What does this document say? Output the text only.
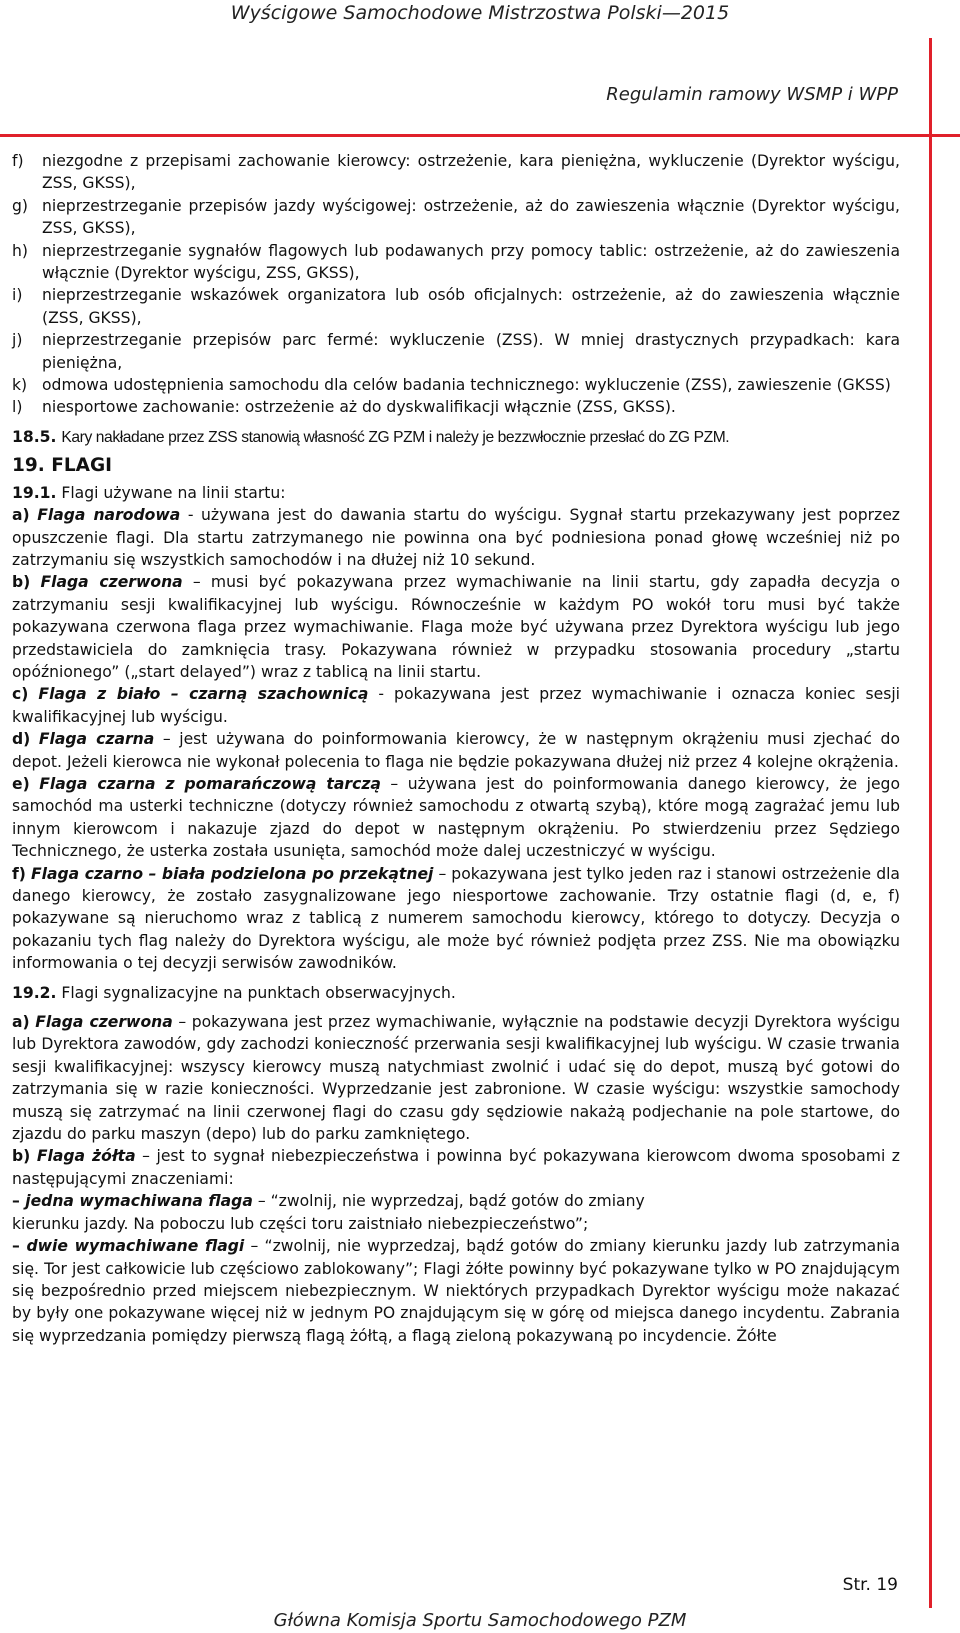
Wyścigowe Samochodowe Mistrzostwa Polski—2015
Regulamin ramowy WSMP i WPP
f)	niezgodne z przepisami zachowanie kierowcy: ostrzeżenie, kara pieniężna, wykluczenie (Dyrektor wyścigu, ZSS, GKSS),
g) nieprzestrzeganie przepisów jazdy wyścigowej: ostrzeżenie, aż do zawieszenia włącznie (Dyrektor wyścigu, ZSS, GKSS),
h) nieprzestrzeganie sygnałów flagowych lub podawanych przy pomocy tablic: ostrzeżenie, aż do zawieszenia włącznie (Dyrektor wyścigu, ZSS, GKSS),
i)	nieprzestrzeganie wskazówek organizatora lub osób oficjalnych: ostrzeżenie, aż do zawieszenia włącznie (ZSS, GKSS),
j)	nieprzestrzeganie przepisów parc fermé: wykluczenie (ZSS). W mniej drastycznych przypadkach: kara pieniężna,
k) odmowa udostępnienia samochodu dla celów badania technicznego: wykluczenie (ZSS), zawieszenie (GKSS)
l)	niesportowe zachowanie: ostrzeżenie aż do dyskwalifikacji włącznie (ZSS, GKSS).

18.5. Kary nakładane przez ZSS stanowią własność ZG PZM i należy je bezzwłocznie przesłać do ZG PZM.

19. FLAGI

19.1. Flagi używane na linii startu:

a) Flaga narodowa - używana jest do dawania startu do wyścigu. Sygnał startu przekazywany jest poprzez opuszczenie flagi. Dla startu zatrzymanego nie powinna ona być podniesiona ponad głowę wcześniej niż po zatrzymaniu się wszystkich samochodów i na dłużej niż 10 sekund.

b) Flaga czerwona – musi być pokazywana przez wymachiwanie na linii startu, gdy zapadła decyzja o zatrzymaniu sesji kwalifikacyjnej lub wyścigu. Równocześnie w każdym PO wokół toru musi być także pokazywana czerwona flaga przez wymachiwanie. Flaga może być używana przez Dyrektora wyścigu lub jego przedstawiciela do zamknięcia trasy. Pokazywana również w przypadku stosowania procedury „startu opóźnionego” („start delayed”) wraz z tablicą na linii startu.

c) Flaga z biało – czarną szachownicą - pokazywana jest przez wymachiwanie i oznacza koniec sesji kwalifikacyjnej lub wyścigu.

d) Flaga czarna – jest używana do poinformowania kierowcy, że w następnym okrążeniu musi zjechać do depot. Jeżeli kierowca nie wykonał polecenia to flaga nie będzie pokazywana dłużej niż przez 4 kolejne okrążenia.

e) Flaga czarna z pomarańczową tarczą – używana jest do poinformowania danego kierowcy, że jego samochód ma usterki techniczne (dotyczy również samochodu z otwartą szybą), które mogą zagrażać jemu lub innym kierowcom i nakazuje zjazd do depot w następnym okrążeniu. Po stwierdzeniu przez Sędziego Technicznego, że usterka została usunięta, samochód może dalej uczestniczyć w wyścigu.

f) Flaga czarno – biała podzielona po przekątnej – pokazywana jest tylko jeden raz i stanowi ostrzeżenie dla danego kierowcy, że zostało zasygnalizowane jego niesportowe zachowanie. Trzy ostatnie flagi (d, e, f) pokazywane są nieruchomo wraz z tablicą z numerem samochodu kierowcy, którego to dotyczy. Decyzja o pokazaniu tych flag należy do Dyrektora wyścigu, ale może być również podjęta przez ZSS. Nie ma obowiązku informowania o tej decyzji serwisów zawodników.

19.2. Flagi sygnalizacyjne na punktach obserwacyjnych.

a) Flaga czerwona – pokazywana jest przez wymachiwanie, wyłącznie na podstawie decyzji Dyrektora wyścigu lub Dyrektora zawodów, gdy zachodzi konieczność przerwania sesji kwalifikacyjnej lub wyścigu. W czasie trwania sesji kwalifikacyjnej: wszyscy kierowcy muszą natychmiast zwolnić i udać się do depot, muszą być gotowi do zatrzymania się w razie konieczności. Wyprzedzanie jest zabronione. W czasie wyścigu: wszystkie samochody muszą się zatrzymać na linii czerwonej flagi do czasu gdy sędziowie nakażą podjechanie na pole startowe, do zjazdu do parku maszyn (depo) lub do parku zamkniętego.

b) Flaga żółta – jest to sygnał niebezpieczeństwa i powinna być pokazywana kierowcom dwoma sposobami z następującymi znaczeniami:

– jedna wymachiwana flaga – “zwolnij, nie wyprzedzaj, bądź gotów do zmiany

kierunku jazdy. Na poboczu lub części toru zaistniało niebezpieczeństwo”;

– dwie wymachiwane flagi – “zwolnij, nie wyprzedzaj, bądź gotów do zmiany kierunku jazdy lub zatrzymania się. Tor jest całkowicie lub częściowo zablokowany”; Flagi żółte powinny być pokazywane tylko w PO znajdującym się bezpośrednio przed miejscem niebezpiecznym. W niektórych przypadkach Dyrektor wyścigu może nakazać by były one pokazywane więcej niż w jednym PO znajdującym się w górę od miejsca danego incydentu. Zabrania się wyprzedzania pomiędzy pierwszą flagą żółtą, a flagą zieloną pokazywaną po incydencie. Żółte

Str. 19
Główna Komisja Sportu Samochodowego PZM
